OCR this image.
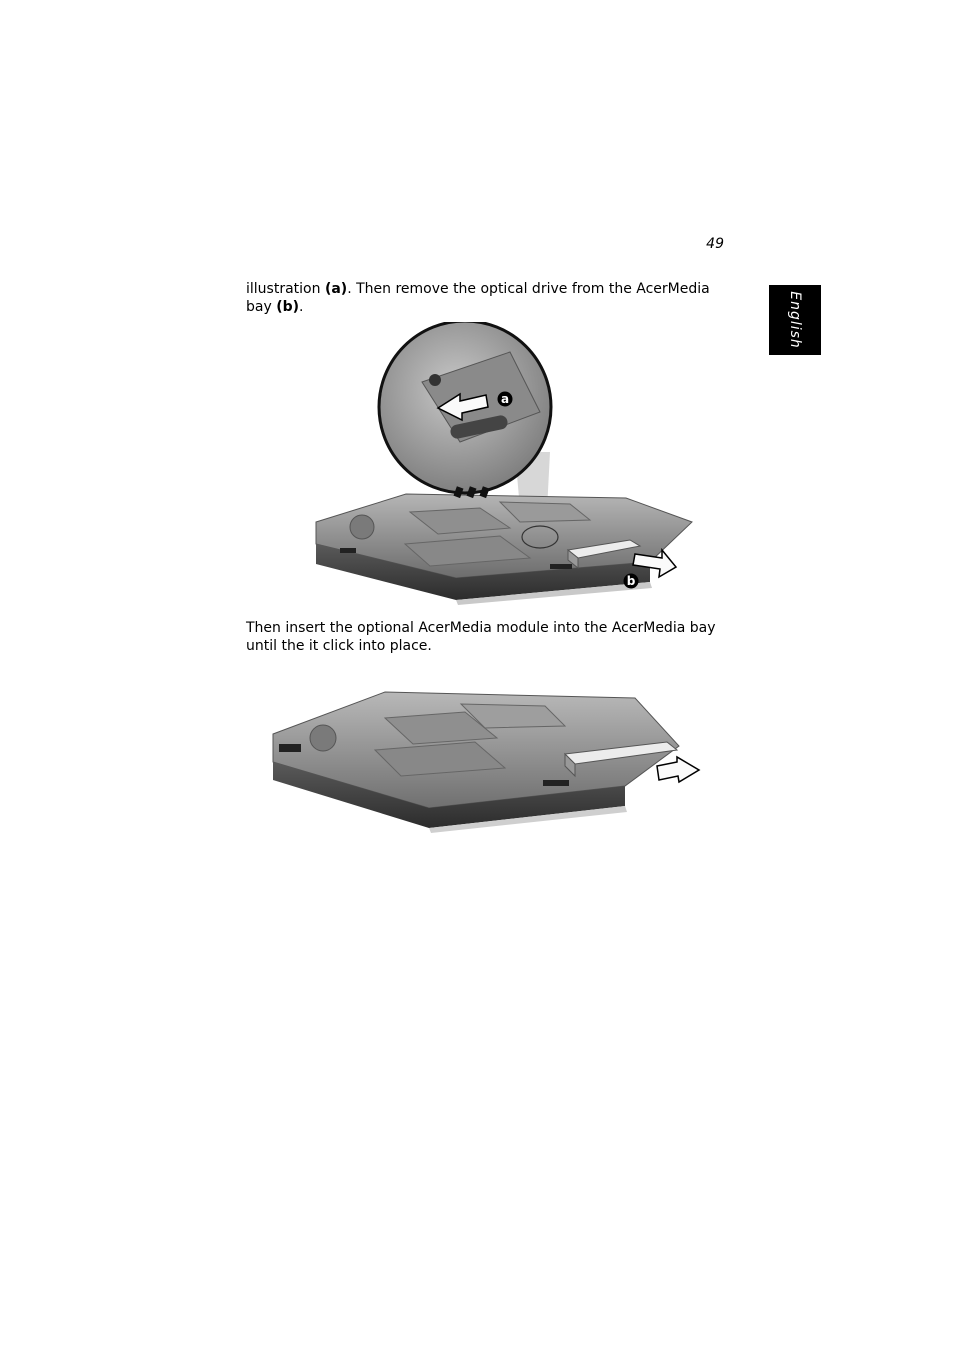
49
English
illustration (a). Then remove the optical drive from the AcerMedia bay (b).
a
b
Then insert the optional AcerMedia module into the AcerMedia bay until the it click into place.
